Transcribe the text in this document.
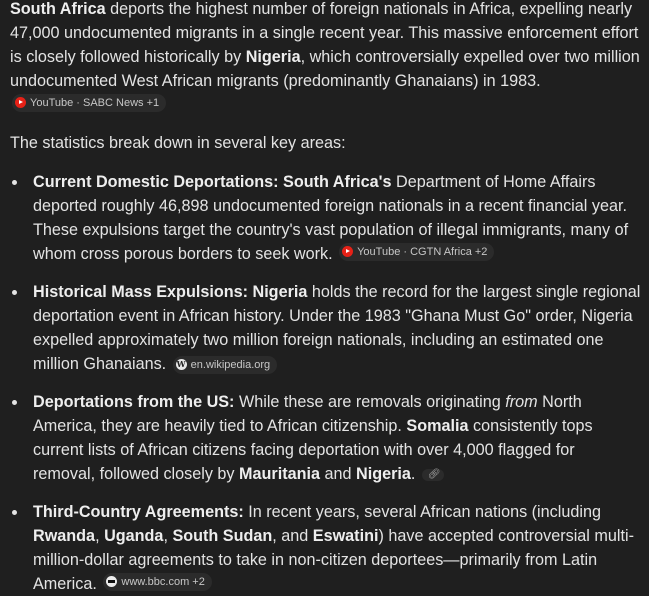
South Africa deports the highest number of foreign nationals in Africa, expelling nearly 47,000 undocumented migrants in a single recent year. This massive enforcement effort is closely followed historically by Nigeria, which controversially expelled over two million undocumented West African migrants (predominantly Ghanaians) in 1983.
YouTube · SABC News +1

The statistics break down in several key areas:

Current Domestic Deportations: South Africa's Department of Home Affairs deported roughly 46,898 undocumented foreign nationals in a recent financial year. These expulsions target the country's vast population of illegal immigrants, many of whom cross porous borders to seek work. YouTube · CGTN Africa +2
Historical Mass Expulsions: Nigeria holds the record for the largest single regional deportation event in African history. Under the 1983 "Ghana Must Go" order, Nigeria expelled approximately two million foreign nationals, including an estimated one million Ghanaians. W en.wikipedia.org
Deportations from the US: While these are removals originating from North America, they are heavily tied to African citizenship. Somalia consistently tops current lists of African citizens facing deportation with over 4,000 flagged for removal, followed closely by Mauritania and Nigeria. 🔗︎
Third-Country Agreements: In recent years, several African nations (including Rwanda, Uganda, South Sudan, and Eswatini) have accepted controversial multi-million-dollar agreements to take in non-citizen deportees—primarily from Latin America. www.bbc.com +2
